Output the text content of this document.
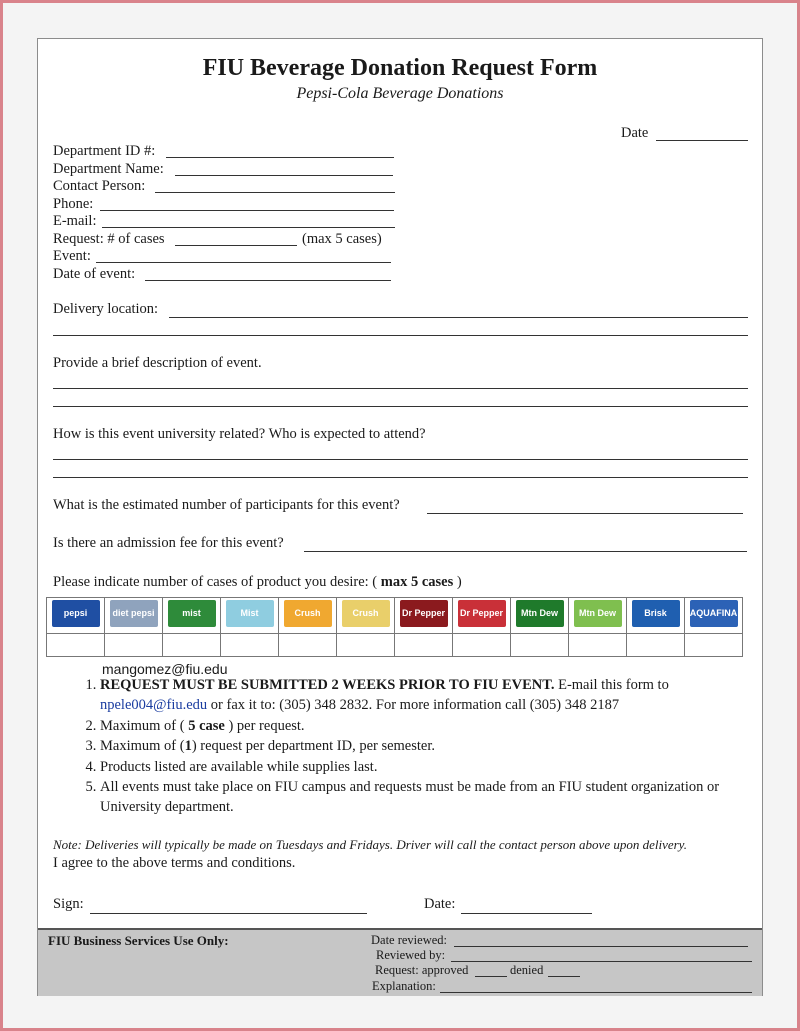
FIU Beverage Donation Request Form
Pepsi-Cola Beverage Donations
Date
Department ID #:
Department Name:
Contact Person:
Phone:
E-mail:
Request: # of cases	(max 5 cases)
Event:
Date of event:
Delivery location:
Provide a brief description of event.
How is this event university related? Who is expected to attend?
What is the estimated number of participants for this event?
Is there an admission fee for this event?
Please indicate number of cases of product you desire: ( max 5 cases )
pepsi	diet pepsi	mist	Mist	Crush	Crush	Dr Pepper	Dr Pepper	Mtn Dew	Mtn Dew	Brisk	AQUAFINA

mangomez@fiu.edu
1. REQUEST MUST BE SUBMITTED 2 WEEKS PRIOR TO FIU EVENT. E-mail this form to
npele004@fiu.edu or fax it to: (305) 348 2832. For more information call (305) 348 2187
2. Maximum of ( 5 case ) per request.
3. Maximum of (1) request per department ID, per semester.
4. Products listed are available while supplies last.
5. All events must take place on FIU campus and requests must be made from an FIU student organization or University department.
Note: Deliveries will typically be made on Tuesdays and Fridays. Driver will call the contact person above upon delivery.
I agree to the above terms and conditions.
Sign:	Date:
FIU Business Services Use Only:	Date reviewed:
Reviewed by:
Request: approved	denied
Explanation:
